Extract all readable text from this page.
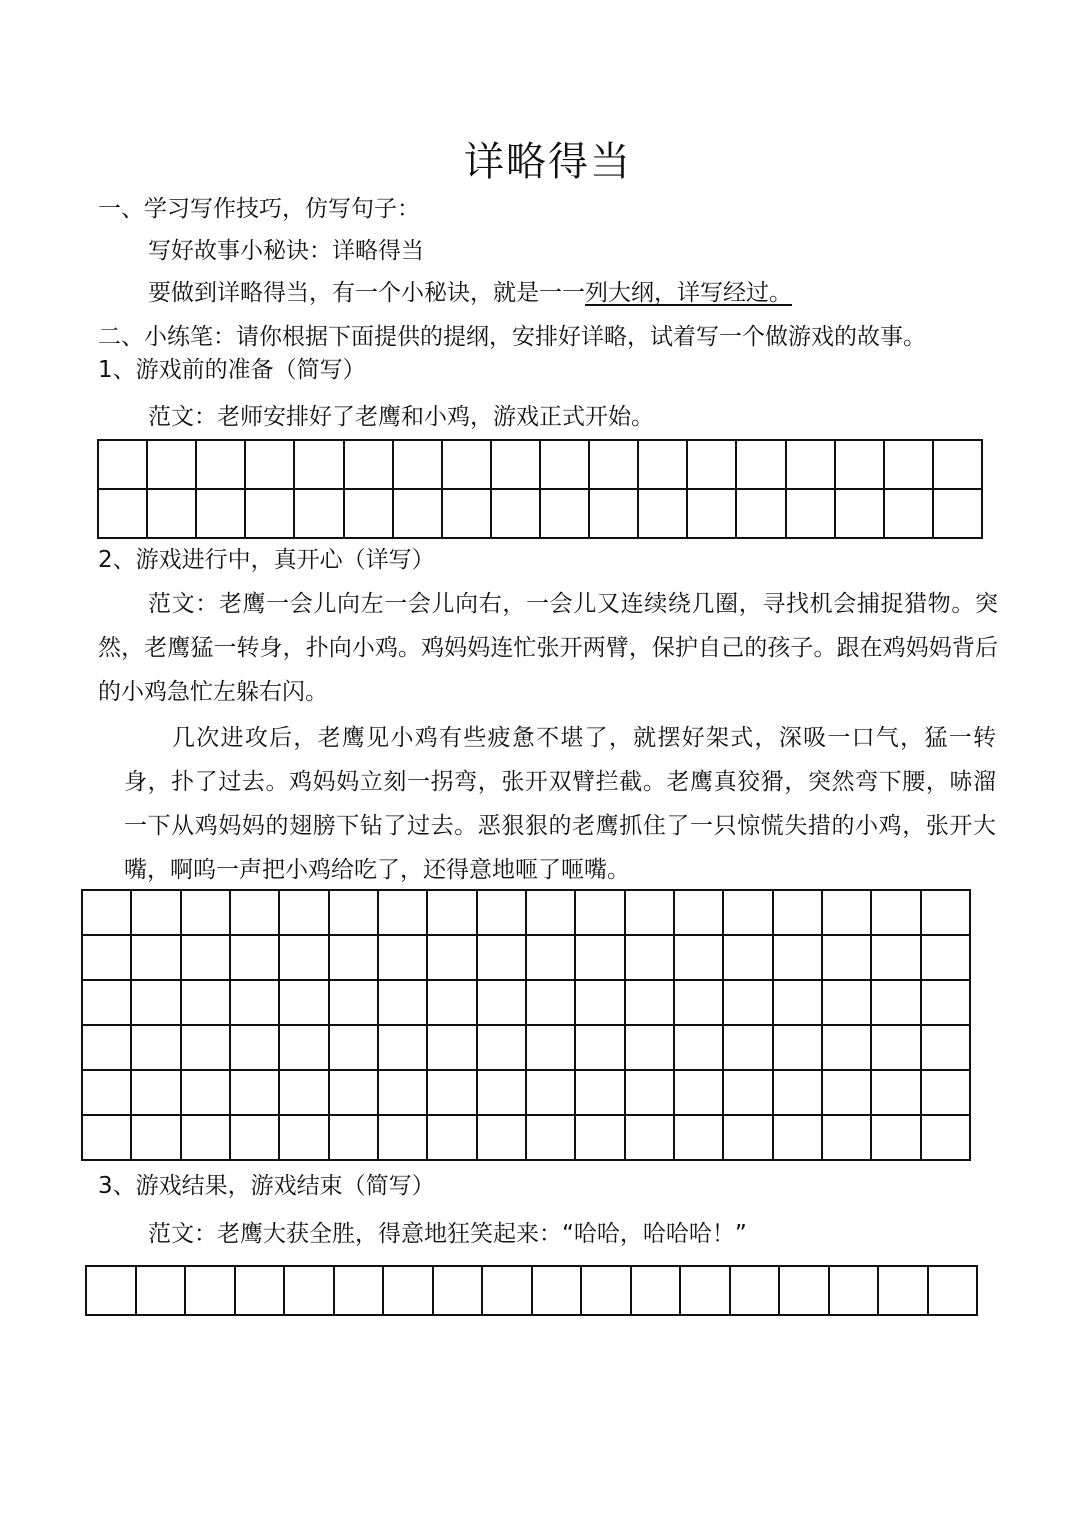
详略得当
一、学习写作技巧，仿写句子：
写好故事小秘诀：详略得当
要做到详略得当，有一个小秘诀，就是一一列大纲，详写经过。
二、小练笔：请你根据下面提供的提纲，安排好详略，试着写一个做游戏的故事。
1、游戏前的准备（简写）
范文：老师安排好了老鹰和小鸡，游戏正式开始。
2、游戏进行中，真开心（详写）

范文：老鹰一会儿向左一会儿向右，一会儿又连续绕几圈，寻找机会捕捉猎物。突然，老鹰猛一转身，扑向小鸡。鸡妈妈连忙张开两臂，保护自己的孩子。跟在鸡妈妈背后的小鸡急忙左躲右闪。

几次进攻后，老鹰见小鸡有些疲惫不堪了，就摆好架式，深吸一口气，猛一转身，扑了过去。鸡妈妈立刻一拐弯，张开双臂拦截。老鹰真狡猾，突然弯下腰，哧溜一下从鸡妈妈的翅膀下钻了过去。恶狠狠的老鹰抓住了一只惊慌失措的小鸡，张开大嘴，啊呜一声把小鸡给吃了，还得意地咂了咂嘴。

3、游戏结果，游戏结束（简写）
范文：老鹰大获全胜，得意地狂笑起来：“哈哈，哈哈哈！”
